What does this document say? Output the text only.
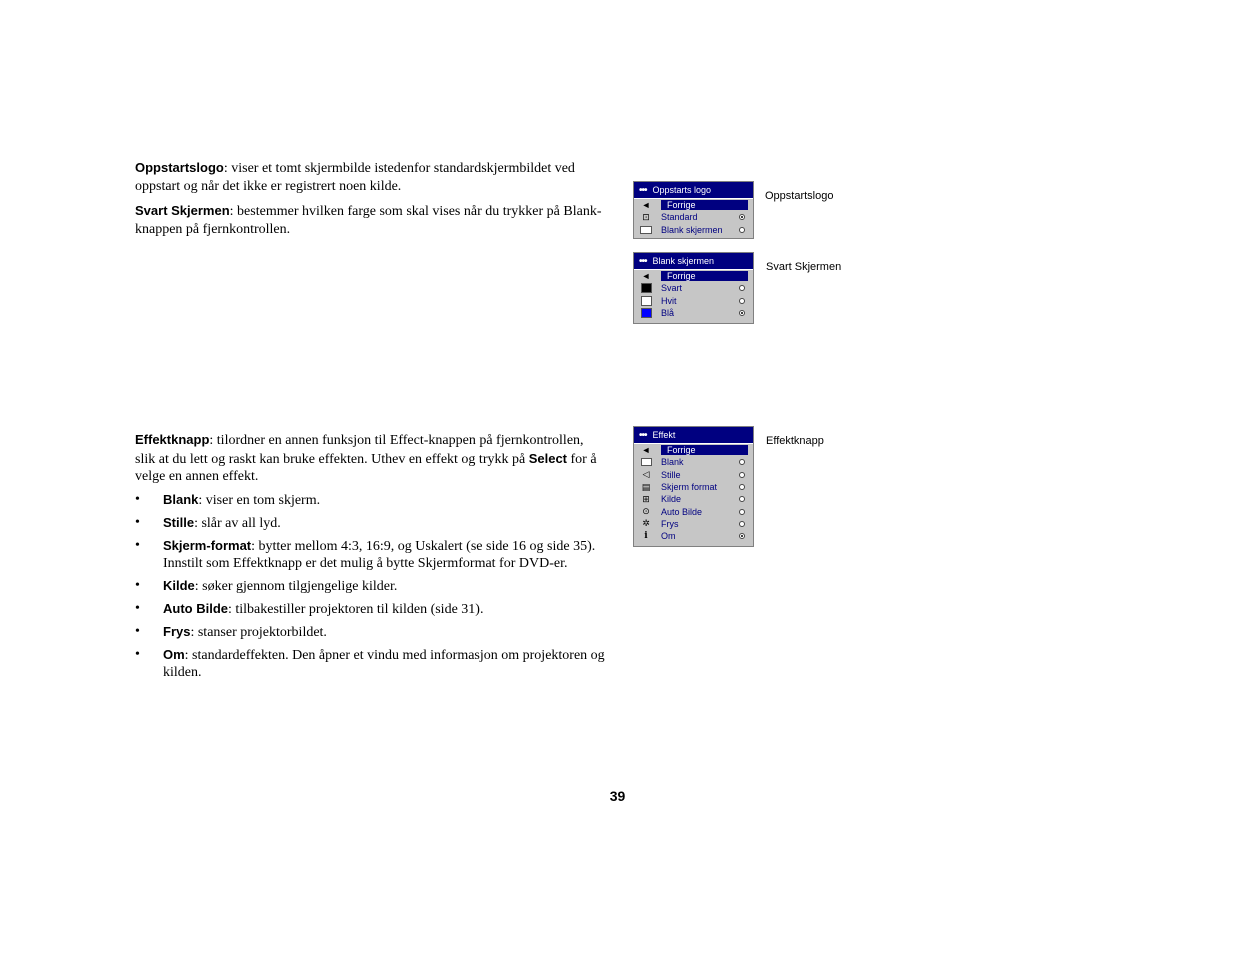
Oppstartslogo: viser et tomt skjermbilde istedenfor standardskjermbildet ved oppstart og når det ikke er registrert noen kilde.

Svart Skjermen: bestemmer hvilken farge som skal vises når du trykker på Blank-knappen på fjernkontrollen.

Effektknapp: tilordner en annen funksjon til Effect-knappen på fjernkontrollen, slik at du lett og raskt kan bruke effekten. Uthev en effekt og trykk på Select for å velge en annen effekt.

• Blank: viser en tom skjerm.
• Stille: slår av all lyd.
• Skjerm-format: bytter mellom 4:3, 16:9, og Uskalert (se side 16 og side 35). Innstilt som Effektknapp er det mulig å bytte Skjermformat for DVD-er.
• Kilde: søker gjennom tilgjengelige kilder.
• Auto Bilde: tilbakestiller projektoren til kilden (side 31).
• Frys: stanser projektorbildet.
• Om: standardeffekten. Den åpner et vindu med informasjon om projektoren og kilden.
••• Oppstarts logo
◄	Forrige
⊡	Standard
Blank skjermen
Oppstartslogo
••• Blank skjermen
◄	Forrige
Svart
Hvit
Blå
Svart Skjermen
••• Effekt
◄	Forrige
Blank
◁	Stille
▤	Skjerm format
⊞	Kilde
⊙	Auto Bilde
✲	Frys
i	Om
Effektknapp
39
